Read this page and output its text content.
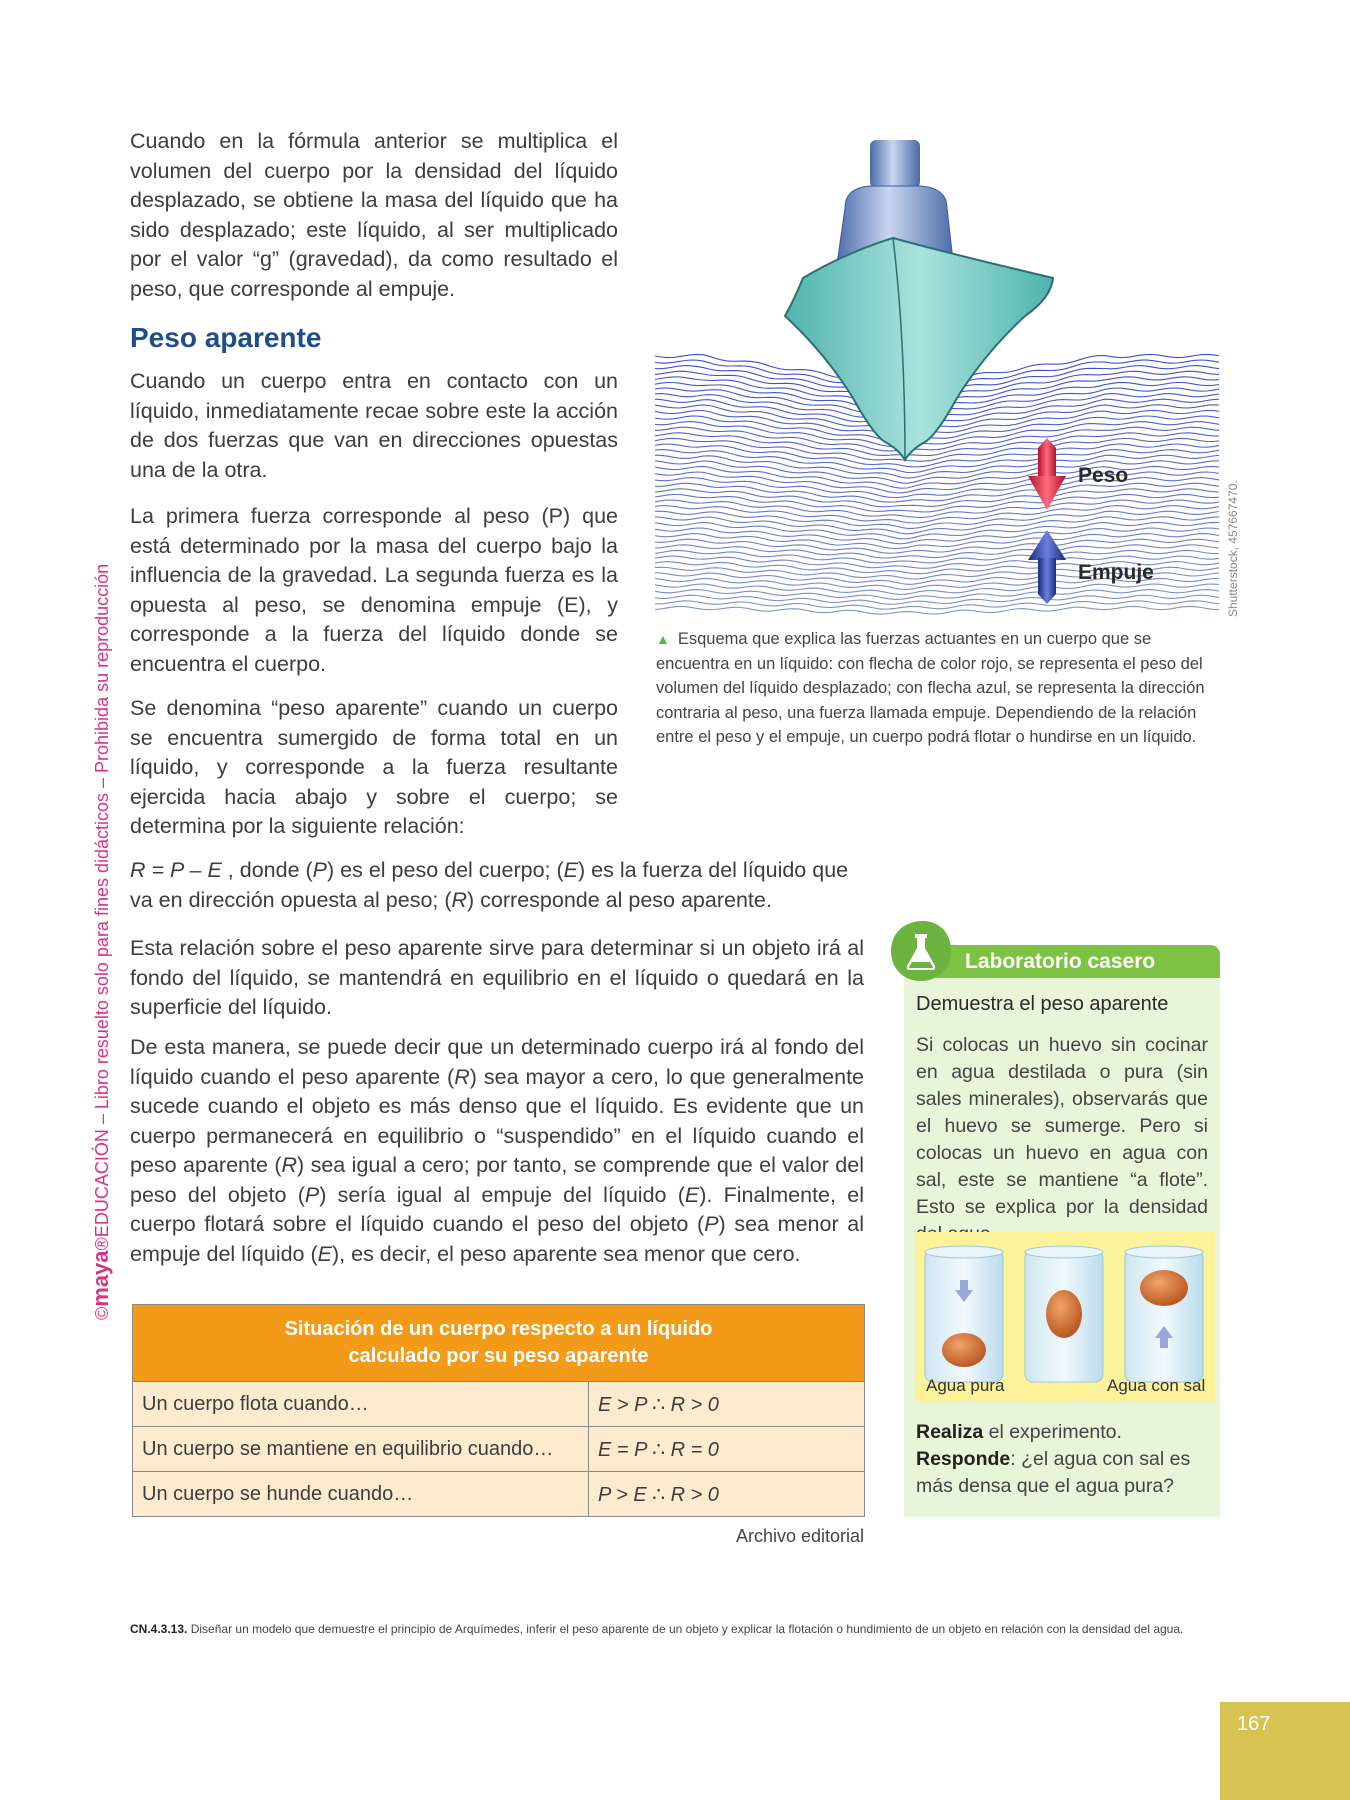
©maya®EDUCACIÓN – Libro resuelto solo para fines didácticos – Prohibida su reproducción

Cuando en la fórmula anterior se multiplica el volumen del cuerpo por la densidad del líquido desplazado, se obtiene la masa del líquido que ha sido desplazado; este líquido, al ser multiplicado por el valor “g” (gravedad), da como resultado el peso, que corresponde al empuje.

Peso aparente

Cuando un cuerpo entra en contacto con un líquido, inmediatamente recae sobre este la acción de dos fuerzas que van en direcciones opuestas una de la otra.

La primera fuerza corresponde al peso (P) que está determinado por la masa del cuerpo bajo la influencia de la gravedad. La segunda fuerza es la opuesta al peso, se denomina empuje (E), y corresponde a la fuerza del líquido donde se encuentra el cuerpo.

Se denomina “peso aparente” cuando un cuerpo se encuentra sumergido de forma total en un líquido, y corresponde a la fuerza resultante ejercida hacia abajo y sobre el cuerpo; se determina por la siguiente relación:

R = P – E , donde (P) es el peso del cuerpo; (E) es la fuerza del líquido que va en dirección opuesta al peso; (R) corresponde al peso aparente.

Esta relación sobre el peso aparente sirve para determinar si un objeto irá al fondo del líquido, se mantendrá en equilibrio en el líquido o quedará en la superficie del líquido.

De esta manera, se puede decir que un determinado cuerpo irá al fondo del líquido cuando el peso aparente (R) sea mayor a cero, lo que generalmente sucede cuando el objeto es más denso que el líquido. Es evidente que un cuerpo permanecerá en equilibrio o “suspendido” en el líquido cuando el peso aparente (R) sea igual a cero; por tanto, se comprende que el valor del peso del objeto (P) sería igual al empuje del líquido (E). Finalmente, el cuerpo flotará sobre el líquido cuando el peso del objeto (P) sea menor al empuje del líquido (E), es decir, el peso aparente sea menor que cero.

Peso
Empuje	Shutterstock, 457667470.

▲ Esquema que explica las fuerzas actuantes en un cuerpo que se encuentra en un líquido: con flecha de color rojo, se representa el peso del volumen del líquido desplazado; con flecha azul, se representa la dirección contraria al peso, una fuerza llamada empuje. Dependiendo de la relación entre el peso y el empuje, un cuerpo podrá flotar o hundirse en un líquido.

Situación de un cuerpo respecto a un líquido
calculado por su peso aparente	
Un cuerpo flota cuando…	E > P ∴ R > 0
Un cuerpo se mantiene en equilibrio cuando…	E = P ∴ R = 0
Un cuerpo se hunde cuando…	P > E ∴ R > 0
Archivo editorial
Laboratorio casero
Demuestra el peso aparente

Si colocas un huevo sin cocinar en agua destilada o pura (sin sales minerales), observarás que el huevo se sumerge. Pero si colocas un huevo en agua con sal, este se mantiene “a flote”. Esto se explica por la densidad del agua.

Agua pura	Agua con sal

Realiza el experimento.
Responde: ¿el agua con sal es más densa que el agua pura?

CN.4.3.13. Diseñar un modelo que demuestre el principio de Arquímedes, inferir el peso aparente de un objeto y explicar la flotación o hundimiento de un objeto en relación con la densidad del agua.

167
